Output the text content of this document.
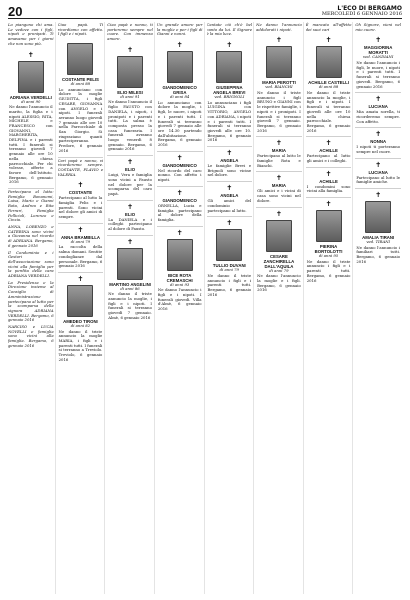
20	L'ECO DI BERGAMO
MERCOLEDÌ 6 GENNAIO 2016
Lo piangono chi ama. Le vedove con i figli, nipoti e pronipoti. Ti amavamo per i giorni che non sono più.
✝
ADRIANA VERDELLI
di anni 90
Ne danno l'annuncio il marito, la figlia e i nipoti ALESSIO, RITA, MICHELE e FRANCESCO con GIOVANNI, MARGHERITA, DELFINA e i parenti tutti. I funerali si terranno giovedì 7 gennaio alle ore 10 nella chiesa parrocchiale. Per chi volesse, offerte a favore dell'Istituto. Bergamo, 6 gennaio 2016
Partecipano al lutto: Famiglia Bonanomi, Luisa, Mario e Gianni Rota, Andrea e Rita Ferrari, Famiglia Pellicioli, Lorenzo e Cinzia.
ANNA, LORENZO e CATERINA sono vicini a Giovanna nel ricordo di ADRIANA. Bergamo, 6 gennaio 2016
Il Condominio e i Gestori dell'associazione sono vicini alla famiglia per la perdita della cara ADRIANA VERDELLI.
La Presidenza e la Direzione insieme al Consiglio di Amministrazione partecipano al lutto per la scomparsa della signora ADRIANA VERDELLI. Bergamo, 6 gennaio 2016
NARCISO e LUCIA NOVELLI e famiglia sono vicini alla famiglia. Bergamo, 6 gennaio 2016
Ciao papà. Ti ricordiamo con affetto. I figli e i nipoti.
COSTANTE PELIS
di anni 88
Lo annunciano con dolore la moglie GIUDITTA, i figli CESARE, GIOVANNA con ANGELO e i nipoti. I funerali avranno luogo giovedì 7 gennaio alle ore 10 nella Parrocchiale di San Giorgio. Si ringraziano quanti parteciperanno. Predore, 6 gennaio 2016
Cari papà e nonno, vi ricorderemo sempre. COSTANTE, FLAVIO e VALERIA.
✝
COSTANTE
Partecipano al lutto la famiglia Pelis e i parenti. Sono vicini nel dolore gli amici di sempre.
✝
ANNA BRAMBILLA
di anni 79
La raccolta della salma domani. Sentite condoglianze dal personale. Bergamo, 6 gennaio 2016
✝
AMEDEO TIRONI
di anni 82
Ne danno il triste annuncio la moglie MARIA, i figli e i parenti tutti. I funerali si terranno a Treviolo. Treviolo, 6 gennaio 2016
Ciao papà e nonno, ti porteremo sempre nel cuore. Con immenso amore.
✝
ELIO MILESI
di anni 91
Ne danno l'annuncio il figlio FAUSTO con DANIELA, i nipoti, i pronipoti e i parenti tutti. La salma è composta presso la casa funeraria. I funerali avranno luogo venerdì 8 gennaio. Bergamo, 6 gennaio 2016
✝
ELIO
Luigi, Vera e famiglia sono vicini a Fausto nel dolore per la scomparsa del caro papà.
✝
ELIO
La DANIELA e i colleghi partecipano al dolore di Fausto.
✝
MARTINO ANGELINI
di anni 86
Ne danno il triste annuncio la moglie, i figli e i nipoti. I funerali si terranno giovedì 7 gennaio. Almè, 6 gennaio 2016
Un grande amore per la moglie e per i figli di Gianni e nonni.
✝
GIANDOMENICO GRISA
di anni 84
Lo annunciano con dolore la moglie, i figli, le nuore, i nipoti e i parenti tutti. I funerali si terranno giovedì 7 gennaio alle ore 14.30 partendo dall'abitazione. Bergamo, 6 gennaio 2016
✝
GIANDOMENICO
Nel ricordo del caro nonno. Con affetto i nipoti.
✝
GIANDOMENICO
ORNELLA, Lucia e famiglia partecipano al dolore della famiglia.
✝
BICE ROTA CREMASCHI
di anni 93
Ne danno l'annuncio i figli e i nipoti. I funerali giovedì. Villa d'Almè, 6 gennaio 2016
Cantate ciò ch'è bel canto da lui. Il Signore è la mia luce.
✝
GIUSEPPINA ANGELA BREVI
ved. BRIGNOLI
Lo annunciano i figli LUIGINA con VITTORIO, ANGELO con ADRIANA, i nipoti e i parenti tutti. I funerali si terranno giovedì alle ore 10. Bergamo, 6 gennaio 2016
✝
ANGELA
Le famiglie Brevi e Brignoli sono vicine nel dolore.
✝
ANGELA
Gli amici del condominio partecipano al lutto.
✝
TULLIO DUVANI
di anni 79
Ne danno il triste annuncio i figli e i parenti tutti. Bergamo, 6 gennaio 2016
Ne danno l'annuncio addolorati i nipoti.
✝
MARIA PEROTTI
ved. BIANCHI
Ne danno il triste annuncio i figli BRUNO e GIANNI con le rispettive famiglie, i nipoti e i pronipoti. I funerali si terranno giovedì 7 gennaio. Bergamo, 6 gennaio 2016
✝
MARIA
Partecipano al lutto le famiglie Rota e Bianchi.
✝
MARIA
Gli amici e i vicini di casa sono vicini nel dolore.
✝
CESARE ZANCHIRELLA DALL'AQUILA
di anni 79
Ne danno l'annuncio la moglie e i figli. Bergamo, 6 gennaio 2016
È mancato all'affetto dei suoi cari
✝
ACHILLE CASTELLI
di anni 88
Ne danno il triste annuncio la moglie, i figli e i nipoti. I funerali si terranno giovedì alle ore 10 nella chiesa parrocchiale. Bergamo, 6 gennaio 2016
✝
ACHILLE
Partecipano al lutto gli amici e i colleghi.
✝
ACHILLE
I condomini sono vicini alla famiglia.
✝
PIERINA BORTOLOTTI
di anni 95
Ne danno il triste annuncio i figli e i parenti tutti. Bergamo, 6 gennaio 2016
Oh Signore, vieni nel mio cuore.
✝
MAGGIORINA MORATTI
ved. CANDIANI
Ne danno l'annuncio i figli, le nuore, i nipoti e i parenti tutti. I funerali si terranno giovedì. Bergamo, 6 gennaio 2016
✝
LUCIANA
Mia amata sorella, ti ricorderemo sempre. Con affetto.
✝
NONNA
I nipoti ti porteranno sempre nel cuore.
✝
LUCIANA
Partecipano al lutto le famiglie amiche.
✝
AMALIA TIRANI
ved. TIRANI
Ne danno l'annuncio i familiari tutti. Bergamo, 6 gennaio 2016
